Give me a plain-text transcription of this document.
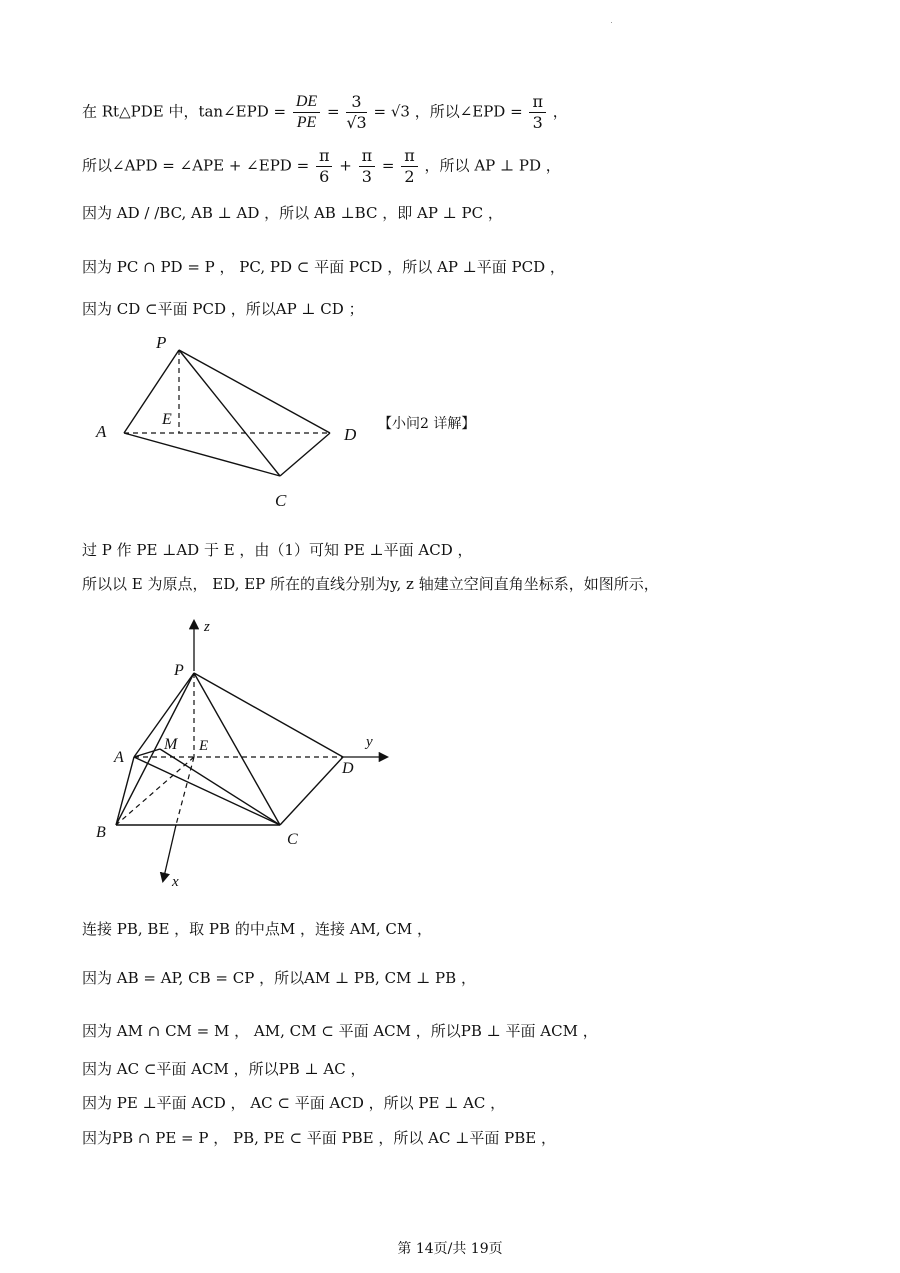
在 Rt△PDE 中，tan∠EPD = $\frac{DE}{PE} = \frac{3}{√3} = √3$ ，所以∠EPD = $\frac{\pi}{3}$ ，
所以∠APD = ∠APE + ∠EPD = $\frac{\pi}{6} + \frac{\pi}{3} = \frac{\pi}{2}$ ，所以 AP ⊥ PD ，
因为 AD / /BC, AB ⊥ AD ，所以 AB ⊥BC ，即 AP ⊥ PC ，
因为 PC ∩ PD = P ， PC, PD ⊂ 平面 PCD ，所以 AP ⊥平面 PCD ，
因为 CD ⊂平面 PCD ，所以AP ⊥ CD ；
P
A
E
D
C
【小问2 详解】
过 P 作 PE ⊥AD 于 E ，由（1）可知 PE ⊥平面 ACD ，
所以以 E 为原点， ED, EP 所在的直线分别为y, z 轴建立空间直角坐标系，如图所示，
z
P
A
M E	y
D
B	C
x
连接 PB, BE ，取 PB 的中点M ，连接 AM, CM ，
因为 AB = AP, CB = CP ，所以AM ⊥ PB, CM ⊥ PB ，
因为 AM ∩ CM = M ， AM, CM ⊂ 平面 ACM ，所以PB ⊥ 平面 ACM ，
因为 AC ⊂平面 ACM ，所以PB ⊥ AC ，
因为 PE ⊥平面 ACD ， AC ⊂ 平面 ACD ，所以 PE ⊥ AC ，
因为PB ∩ PE = P ， PB, PE ⊂ 平面 PBE ，所以 AC ⊥平面 PBE ，
第 14页/共 19页
